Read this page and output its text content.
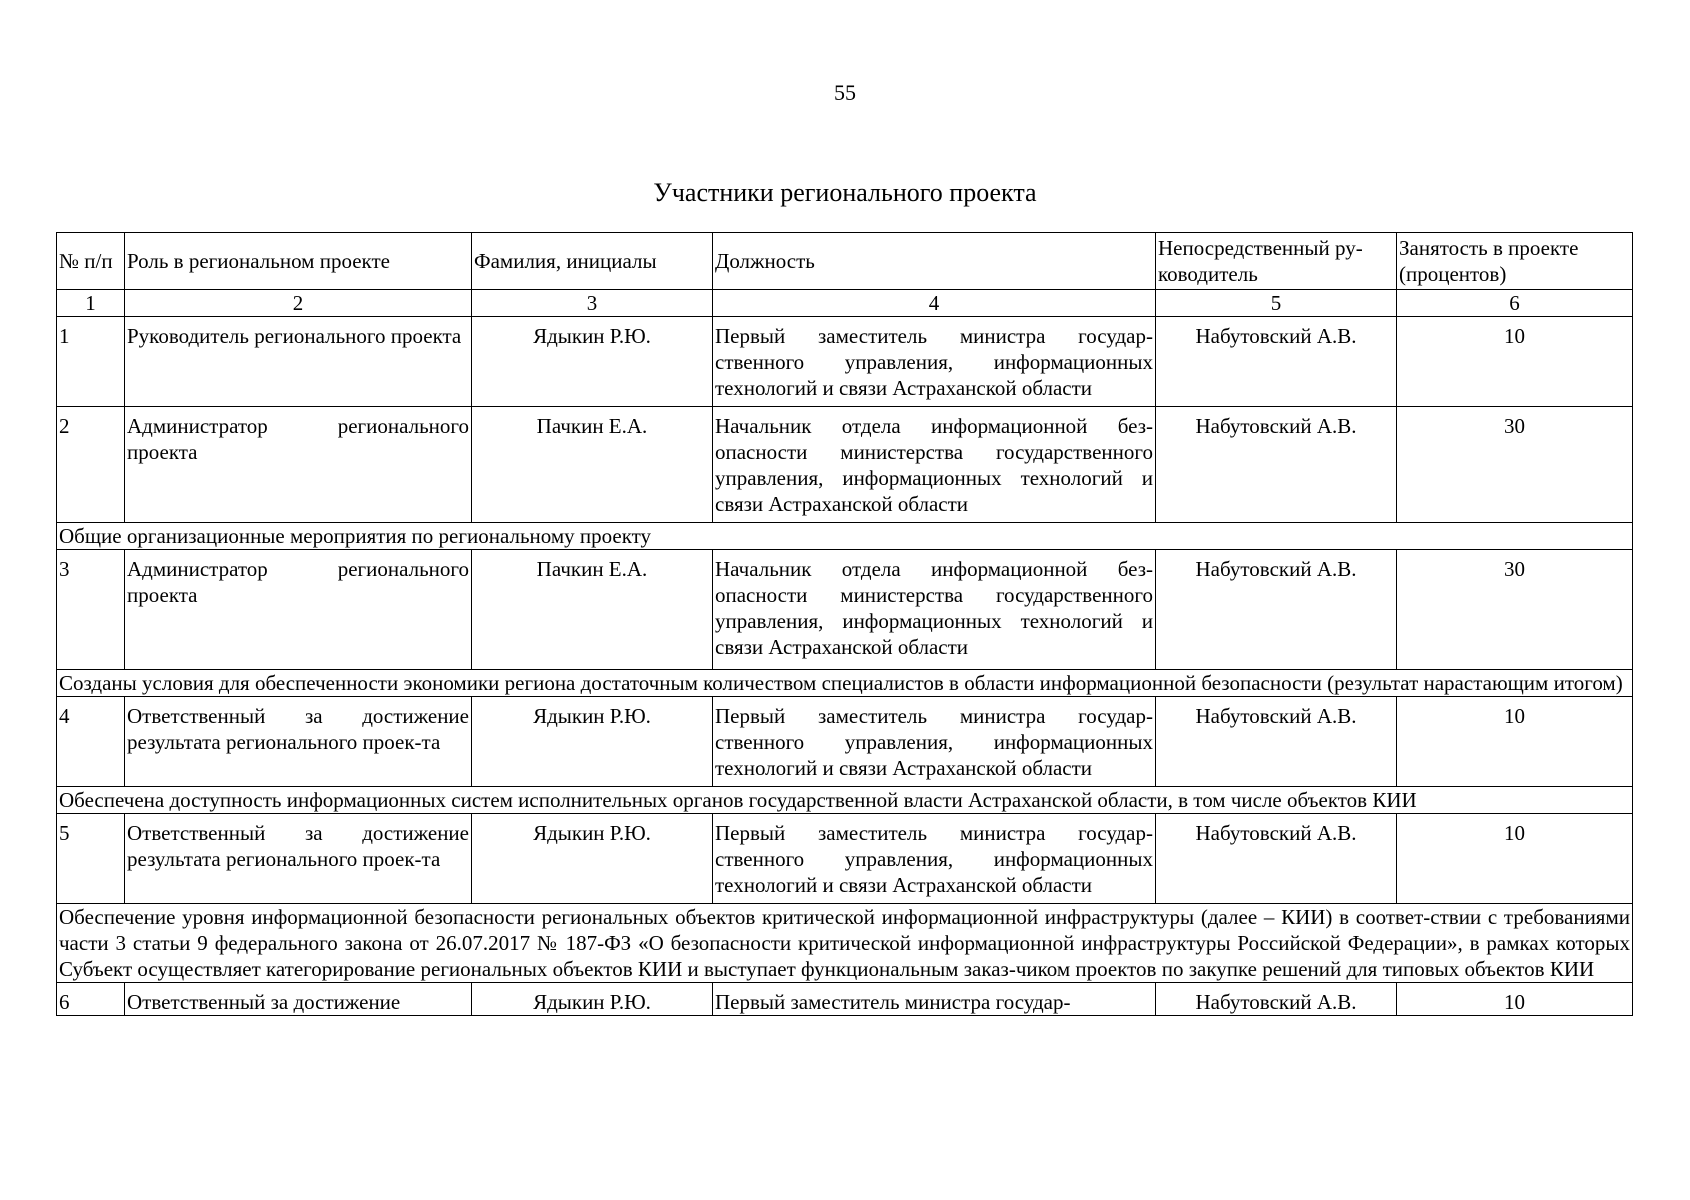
55
Участники регионального проекта
№ п/п	Роль в региональном проекте	Фамилия, инициалы	Должность	Непосредственный ру-ководитель	Занятость в проекте (процентов)
1	2	3	4	5	6
1	Руководитель регионального проекта	Ядыкин Р.Ю.	Первый заместитель министра государ-ственного управления, информационных технологий и связи Астраханской области	Набутовский А.В.	10
2	Администратор регионального проекта	Пачкин Е.А.	Начальник отдела информационной без-опасности министерства государственного управления, информационных технологий и связи Астраханской области	Набутовский А.В.	30
Общие организационные мероприятия по региональному проекту					
3	Администратор регионального проекта	Пачкин Е.А.	Начальник отдела информационной без-опасности министерства государственного управления, информационных технологий и связи Астраханской области	Набутовский А.В.	30
Созданы условия для обеспеченности экономики региона достаточным количеством специалистов в области информационной безопасности (результат нарастающим итогом)					
4	Ответственный за достижение результата регионального проек-та	Ядыкин Р.Ю.	Первый заместитель министра государ-ственного управления, информационных технологий и связи Астраханской области	Набутовский А.В.	10
Обеспечена доступность информационных систем исполнительных органов государственной власти Астраханской области, в том числе объектов КИИ					
5	Ответственный за достижение результата регионального проек-та	Ядыкин Р.Ю.	Первый заместитель министра государ-ственного управления, информационных технологий и связи Астраханской области	Набутовский А.В.	10
Обеспечение уровня информационной безопасности региональных объектов критической информационной инфраструктуры (далее – КИИ) в соответ-ствии с требованиями части 3 статьи 9 федерального закона от 26.07.2017 № 187-ФЗ «О безопасности критической информационной инфраструктуры Российской Федерации», в рамках которых Субъект осуществляет категорирование региональных объектов КИИ и выступает функциональным заказ-чиком проектов по закупке решений для типовых объектов КИИ					
6	Ответственный за достижение	Ядыкин Р.Ю.	Первый заместитель министра государ-	Набутовский А.В.	10
